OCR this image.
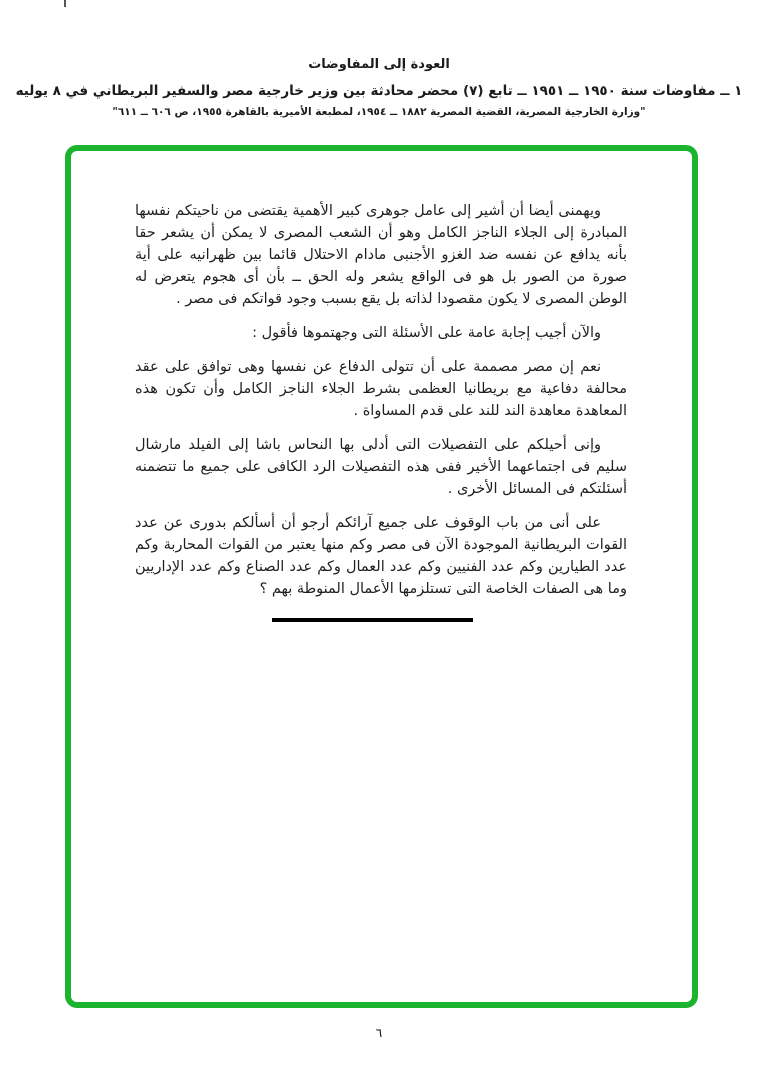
العودة إلى المفاوضات
١ ــ مفاوضات سنة ١٩٥٠ ــ ١٩٥١ ــ تابع (٧) محضر محادثة بين وزير خارجية مصر والسفير البريطاني في ٨ يوليه
"وزارة الخارجية المصرية، القضية المصرية ١٨٨٢ ــ ١٩٥٤، لمطبعة الأميرية بالقاهرة ١٩٥٥، ص ٦٠٦ ــ ٦١١"

ويهمنى أيضا أن أشير إلى عامل جوهرى كبير الأهمية يقتضى من ناحيتكم نفسها المبادرة إلى الجلاء الناجز الكامل وهو أن الشعب المصرى لا يمكن أن يشعر حقا بأنه يدافع عن نفسه ضد الغزو الأجنبى مادام الاحتلال قائما بين ظهرانيه على أية صورة من الصور بل هو فى الواقع يشعر وله الحق ــ بأن أى هجوم يتعرض له الوطن المصرى لا يكون مقصودا لذاته بل يقع بسبب وجود قواتكم فى مصر .

والآن أجيب إجابة عامة على الأسئلة التى وجهتموها فأقول :

نعم إن مصر مصممة على أن تتولى الدفاع عن نفسها وهى توافق على عقد محالفة دفاعية مع بريطانيا العظمى بشرط الجلاء الناجز الكامل وأن تكون هذه المعاهدة معاهدة الند للند على قدم المساواة .

وإنى أحيلكم على التفصيلات التى أدلى بها النحاس باشا إلى الفيلد مارشال سليم فى اجتماعهما الأخير ففى هذه التفصيلات الرد الكافى على جميع ما تتضمنه أسئلتكم فى المسائل الأخرى .

على أنى من باب الوقوف على جميع آرائكم أرجو أن أسألكم بدورى عن عدد القوات البريطانية الموجودة الآن فى مصر وكم منها يعتبر من القوات المحاربة وكم عدد الطيارين وكم عدد الفنيين وكم عدد العمال وكم عدد الصناع وكم عدد الإداريين وما هى الصفات الخاصة التى تستلزمها الأعمال المنوطة بهم ؟

٦
